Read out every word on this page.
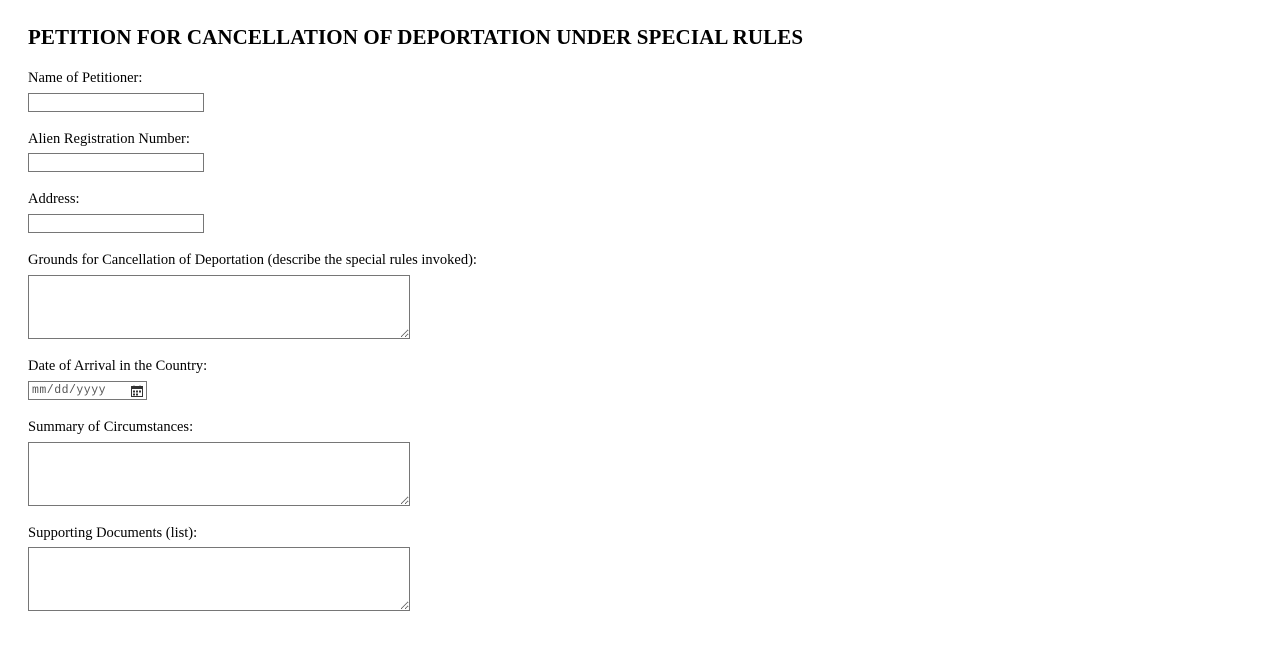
PETITION FOR CANCELLATION OF DEPORTATION UNDER SPECIAL RULES
Name of Petitioner:
Alien Registration Number:
Address:
Grounds for Cancellation of Deportation (describe the special rules invoked):
Date of Arrival in the Country:
mm/dd/yyyy
Summary of Circumstances:
Supporting Documents (list):
